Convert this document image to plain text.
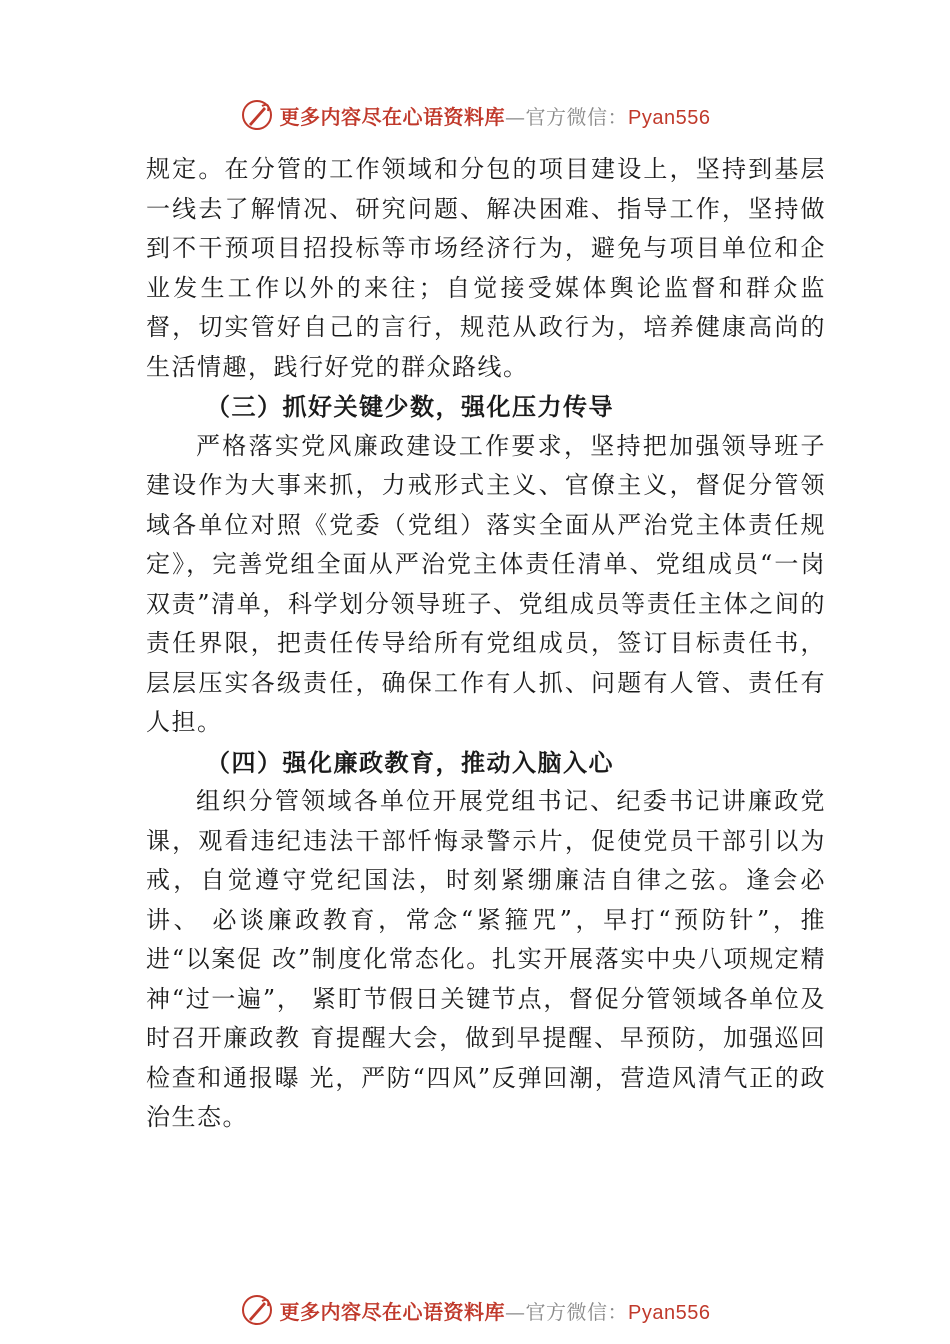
更多内容尽在心语资料库—官方微信：Pyan556

规定。在分管的工作领域和分包的项目建设上，坚持到基层一线去了解情况、研究问题、解决困难、指导工作，坚持做到不干预项目招投标等市场经济行为，避免与项目单位和企业发生工作以外的来往；自觉接受媒体舆论监督和群众监督，切实管好自己的言行，规范从政行为，培养健康高尚的生活情趣，践行好党的群众路线。

（三）抓好关键少数，强化压力传导

严格落实党风廉政建设工作要求，坚持把加强领导班子建设作为大事来抓，力戒形式主义、官僚主义，督促分管领域各单位对照《党委（党组）落实全面从严治党主体责任规定》，完善党组全面从严治党主体责任清单、党组成员“一岗双责”清单，科学划分领导班子、党组成员等责任主体之间的责任界限，把责任传导给所有党组成员，签订目标责任书， 层层压实各级责任，确保工作有人抓、问题有人管、责任有人担。

（四）强化廉政教育，推动入脑入心

组织分管领域各单位开展党组书记、纪委书记讲廉政党课，观看违纪违法干部忏悔录警示片，促使党员干部引以为戒，自觉遵守党纪国法，时刻紧绷廉洁自律之弦。逢会必讲、 必谈廉政教育，常念“紧箍咒”，早打“预防针”，推进“以案促 改”制度化常态化。扎实开展落实中央八项规定精神“过一遍”， 紧盯节假日关键节点，督促分管领域各单位及时召开廉政教 育提醒大会，做到早提醒、早预防，加强巡回检查和通报曝 光，严防“四风”反弹回潮，营造风清气正的政治生态。

更多内容尽在心语资料库—官方微信：Pyan556
